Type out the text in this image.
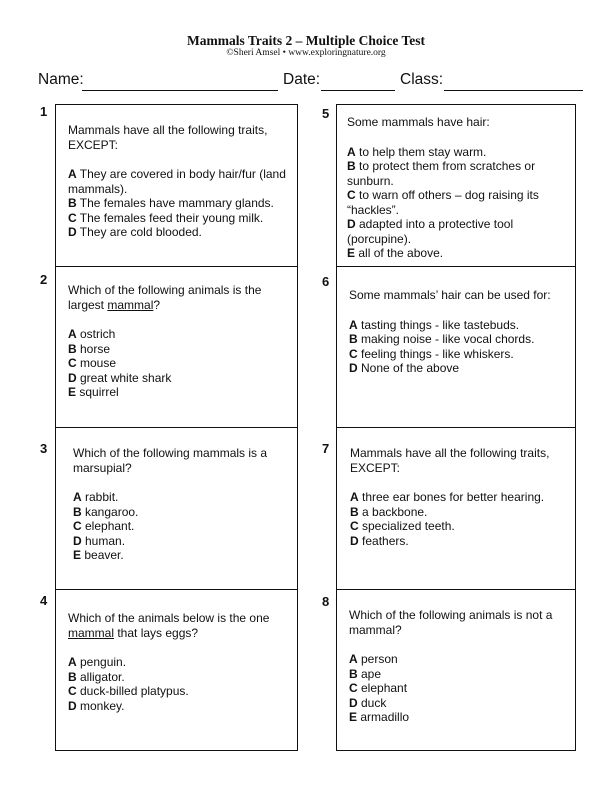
Mammals Traits 2 – Multiple Choice Test
©Sheri Amsel • www.exploringnature.org
Name:	Date:	Class:
1

Mammals have all the following traits, EXCEPT:

A They are covered in body hair/fur (land mammals).

B The females have mammary glands.

C The females feed their young milk.

D They are cold blooded.

2

Which of the following animals is the largest mammal?

A ostrich

B horse

C mouse

D great white shark

E squirrel

3 Which of the following mammals is a marsupial?

A rabbit.

B kangaroo.

C elephant.

D human.

E beaver.

4

Which of the animals below is the one mammal that lays eggs?

A penguin.

B alligator.

C duck-billed platypus.

D monkey.

5

Some mammals have hair:

A to help them stay warm.

B to protect them from scratches or sunburn.

C to warn off others – dog raising its “hackles”.

D adapted into a protective tool (porcupine).

E all of the above.

6

Some mammals’ hair can be used for:

A tasting things - like tastebuds.

B making noise - like vocal chords.

C feeling things - like whiskers.

D None of the above

7 Mammals have all the following traits, EXCEPT:

A three ear bones for better hearing.

B a backbone.

C specialized teeth.

D feathers.

8

Which of the following animals is not a mammal?

A person

B ape

C elephant

D duck

E armadillo
